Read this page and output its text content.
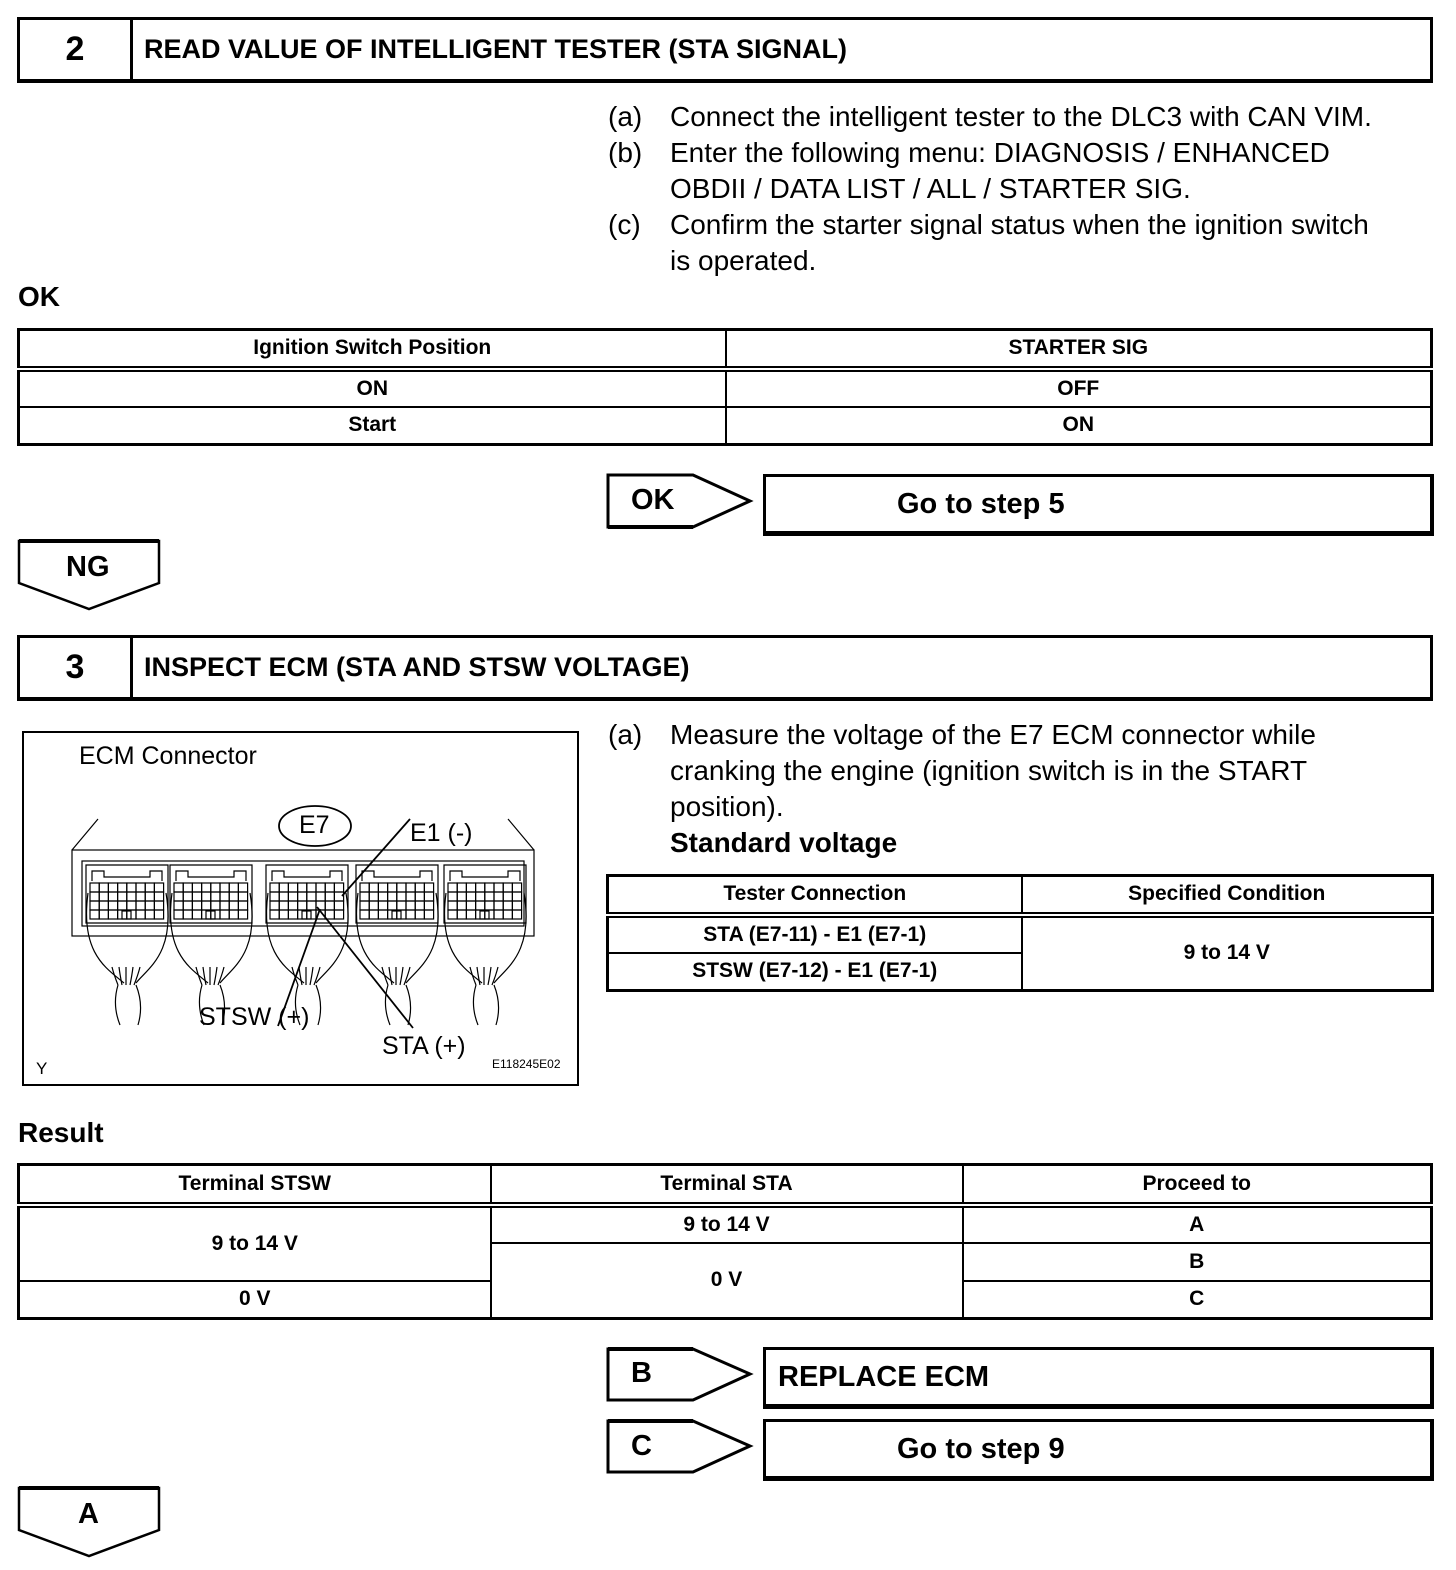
2	READ VALUE OF INTELLIGENT TESTER (STA SIGNAL)
(a) Connect the intelligent tester to the DLC3 with CAN VIM.
(b) Enter the following menu: DIAGNOSIS / ENHANCED
OBDII / DATA LIST / ALL / STARTER SIG.
(c)	Confirm the starter signal status when the ignition switch
is operated.
OK
Ignition Switch Position	STARTER SIG
ON	OFF
Start	ON
OK	Go to step 5
NG
3	INSPECT ECM (STA AND STSW VOLTAGE)
ECM Connector
E7	E1 (-)
STSW (+)
STA (+)
Y	E118245E02
(a) Measure the voltage of the E7 ECM connector while
cranking the engine (ignition switch is in the START
position).
Standard voltage
Tester Connection	Specified Condition
STA (E7-11) - E1 (E7-1)	9 to 14 V
STSW (E7-12) - E1 (E7-1)	
Result
Terminal STSW	Terminal STA	Proceed to
9 to 14 V	9 to 14 V	A
	0 V	B
0 V		C
B	REPLACE ECM
C	Go to step 9
A
